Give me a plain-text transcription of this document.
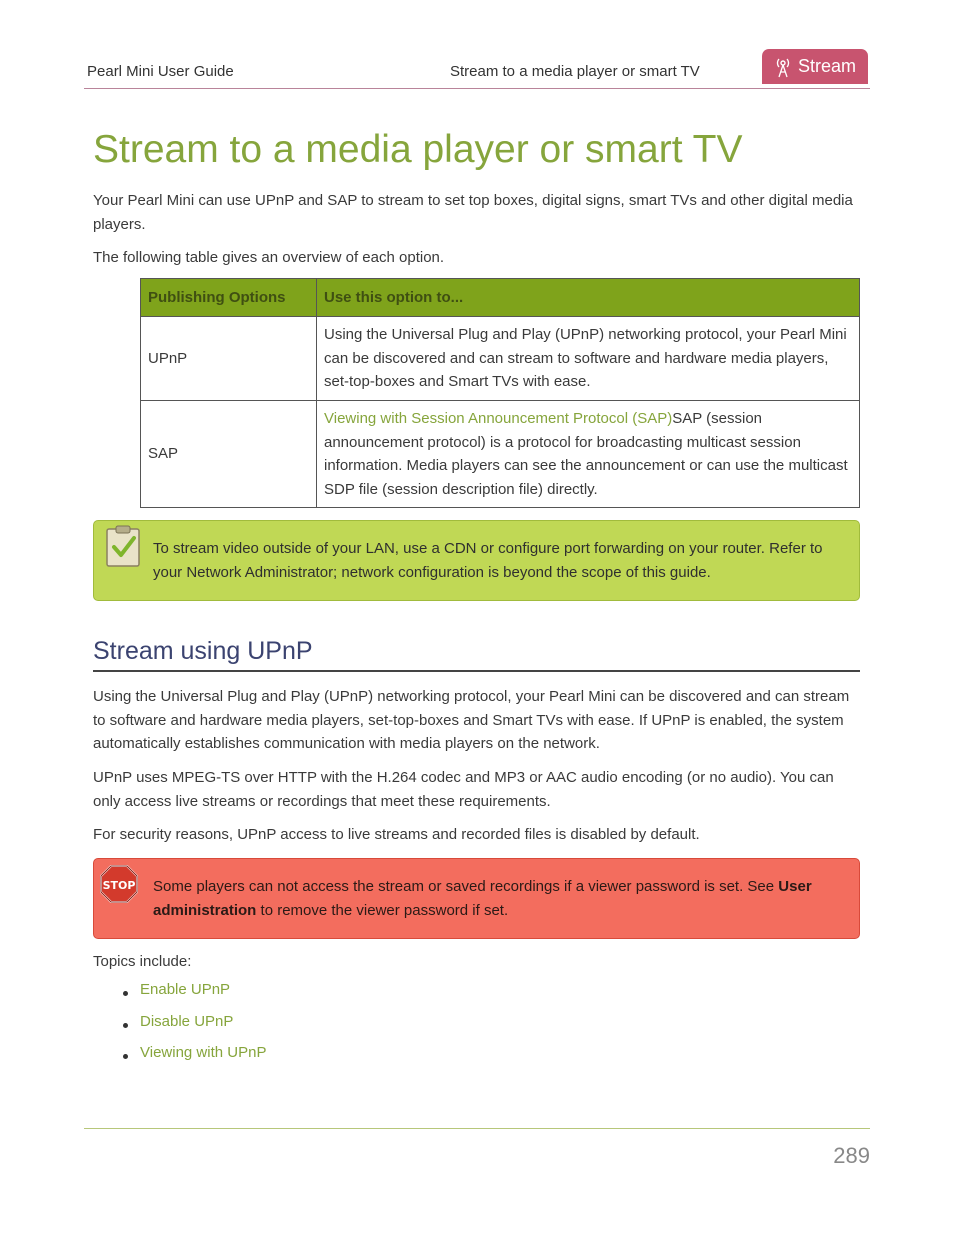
Pearl Mini User Guide	Stream to a media player or smart TV	Stream
Stream to a media player or smart TV

Your Pearl Mini can use UPnP and SAP to stream to set top boxes, digital signs, smart TVs and other digital media players.

The following table gives an overview of each option.

Publishing Options	Use this option to...
UPnP	Using the Universal Plug and Play (UPnP) networking protocol, your Pearl Mini can be discovered and can stream to software and hardware media players, set-top-boxes and Smart TVs with ease.
SAP	Viewing with Session Announcement Protocol (SAP)SAP (session announcement protocol) is a protocol for broadcasting multicast session information. Media players can see the announcement or can use the multicast SDP file (session description file) directly.
To stream video outside of your LAN, use a CDN or configure port forwarding on your router. Refer to your Network Administrator; network configuration is beyond the scope of this guide.
Stream using UPnP

Using the Universal Plug and Play (UPnP) networking protocol, your Pearl Mini can be discovered and can stream to software and hardware media players, set-top-boxes and Smart TVs with ease. If UPnP is enabled, the system automatically establishes communication with media players on the network.

UPnP uses MPEG-TS over HTTP with the H.264 codec and MP3 or AAC audio encoding (or no audio). You can only access live streams or recordings that meet these requirements.

For security reasons, UPnP access to live streams and recorded files is disabled by default.

STOP Some players can not access the stream or saved recordings if a viewer password is set. See User administration to remove the viewer password if set.

Topics include:

Enable UPnP
Disable UPnP
Viewing with UPnP
289
